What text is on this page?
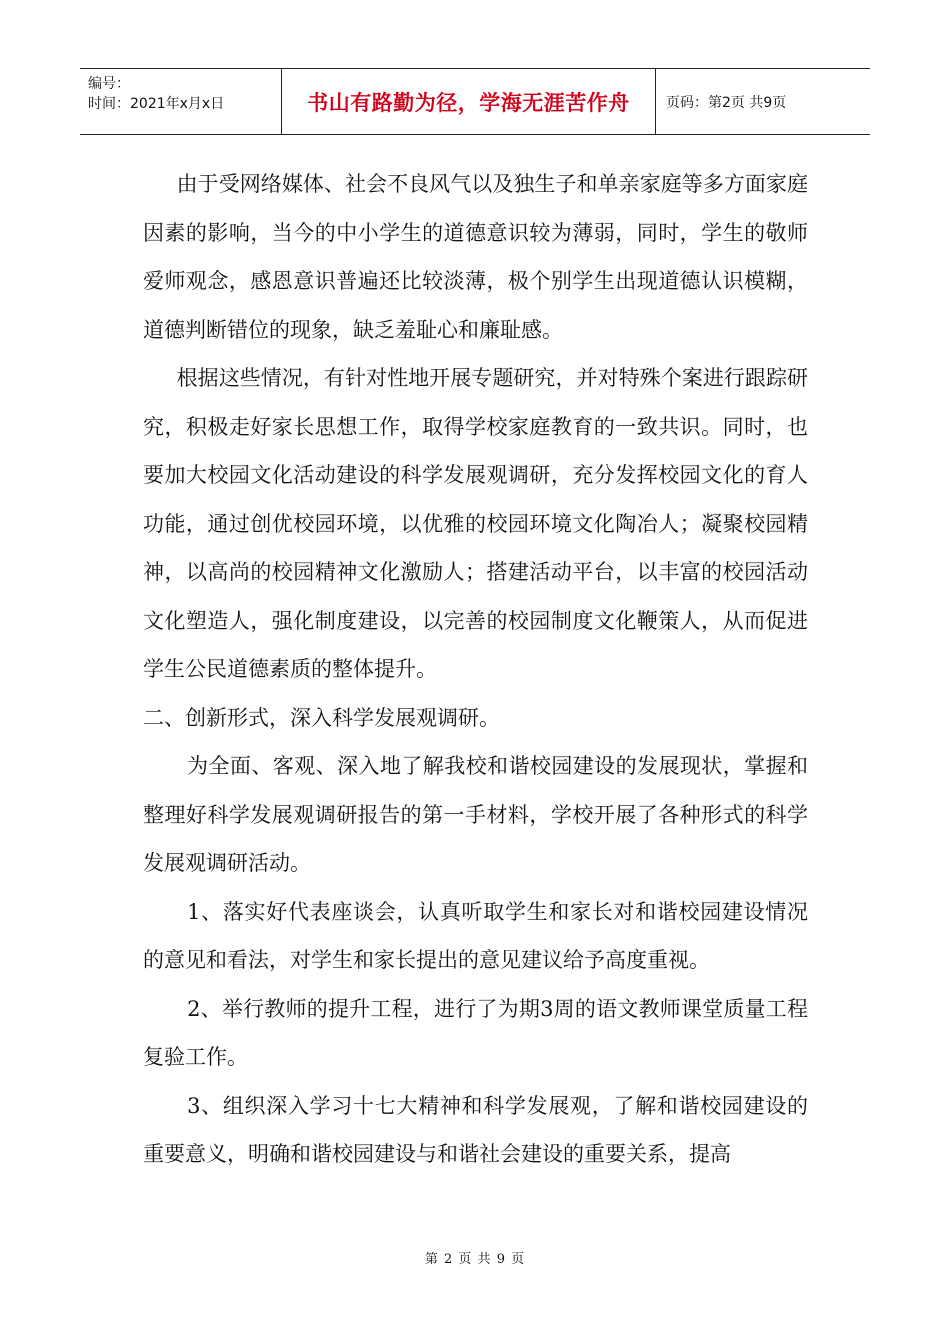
编号：
时间：2021年x月x日	书山有路勤为径，学海无涯苦作舟	页码：第2页 共9页

由于受网络媒体、社会不良风气以及独生子和单亲家庭等多方面家庭因素的影响，当今的中小学生的道德意识较为薄弱，同时，学生的敬师爱师观念，感恩意识普遍还比较淡薄，极个别学生出现道德认识模糊，道德判断错位的现象，缺乏羞耻心和廉耻感。

根据这些情况，有针对性地开展专题研究，并对特殊个案进行跟踪研究，积极走好家长思想工作，取得学校家庭教育的一致共识。同时，也要加大校园文化活动建设的科学发展观调研，充分发挥校园文化的育人功能，通过创优校园环境，以优雅的校园环境文化陶冶人；凝聚校园精神，以高尚的校园精神文化激励人；搭建活动平台，以丰富的校园活动文化塑造人，强化制度建设，以完善的校园制度文化鞭策人，从而促进学生公民道德素质的整体提升。

二、创新形式，深入科学发展观调研。

为全面、客观、深入地了解我校和谐校园建设的发展现状，掌握和整理好科学发展观调研报告的第一手材料，学校开展了各种形式的科学发展观调研活动。

1、落实好代表座谈会，认真听取学生和家长对和谐校园建设情况的意见和看法，对学生和家长提出的意见建议给予高度重视。

2、举行教师的提升工程，进行了为期3周的语文教师课堂质量工程复验工作。

3、组织深入学习十七大精神和科学发展观，了解和谐校园建设的重要意义，明确和谐校园建设与和谐社会建设的重要关系，提高

第 2 页 共 9 页
